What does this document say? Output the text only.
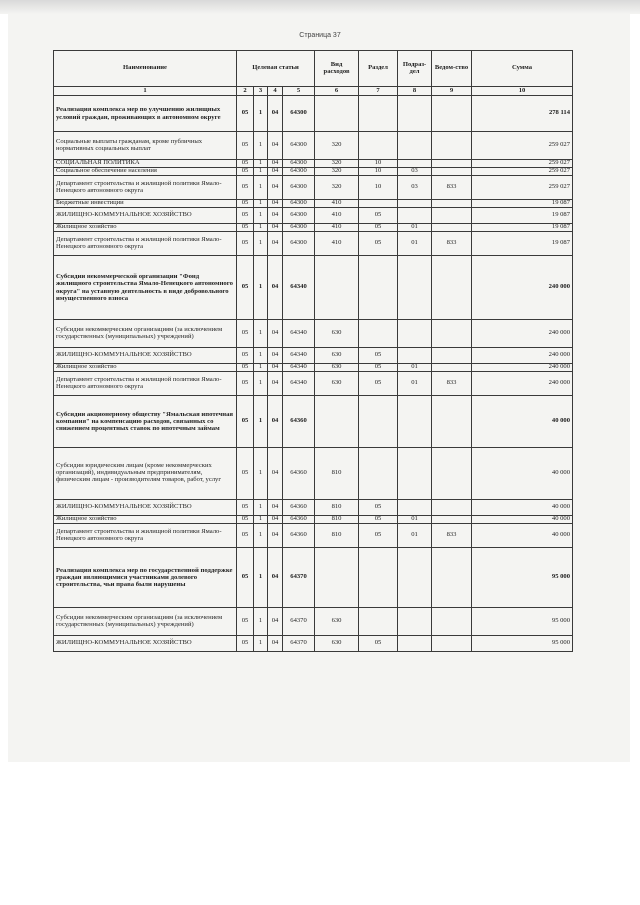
Страница 37
Наименование	Целевая статьи				Вид расходов	Раздел	Подраз-дел	Ведом-ство	Сумма
1	2	3	4	5	6	7	8	9	10
Реализация комплекса мер по улучшению жилищных условий граждан, проживающих в автономном округе	05	1	04	64300					278 114
Социальные выплаты гражданам, кроме публичных нормативных социальных выплат	05	1	04	64300	320				259 027
СОЦИАЛЬНАЯ ПОЛИТИКА	05	1	04	64300	320	10			259 027
Социальное обеспечение населения	05	1	04	64300	320	10	03		259 027
Департамент строительства и жилищной политики Ямало-Ненецкого автономного округа	05	1	04	64300	320	10	03	833	259 027
Бюджетные инвестиции	05	1	04	64300	410				19 087
ЖИЛИЩНО-КОММУНАЛЬНОЕ ХОЗЯЙСТВО	05	1	04	64300	410	05			19 087
Жилищное хозяйство	05	1	04	64300	410	05	01		19 087
Департамент строительства и жилищной политики Ямало-Ненецкого автономного округа	05	1	04	64300	410	05	01	833	19 087
Субсидии некоммерческой организации "Фонд жилищного строительства Ямало-Ненецкого автономного округа" на уставную деятельность в виде добровольного имущественного взноса	05	1	04	64340					240 000
Субсидии некоммерческим организациям (за исключением государственных (муниципальных) учреждений)	05	1	04	64340	630				240 000
ЖИЛИЩНО-КОММУНАЛЬНОЕ ХОЗЯЙСТВО	05	1	04	64340	630	05			240 000
Жилищное хозяйство	05	1	04	64340	630	05	01		240 000
Департамент строительства и жилищной политики Ямало-Ненецкого автономного округа	05	1	04	64340	630	05	01	833	240 000
Субсидии акционерному обществу "Ямальская ипотечная компания" на компенсацию расходов, связанных со снижением процентных ставок по ипотечным займам	05	1	04	64360					40 000
Субсидии юридическим лицам (кроме некоммерческих организаций), индивидуальным предпринимателям, физическим лицам - производителям товаров, работ, услуг	05	1	04	64360	810				40 000
ЖИЛИЩНО-КОММУНАЛЬНОЕ ХОЗЯЙСТВО	05	1	04	64360	810	05			40 000
Жилищное хозяйство	05	1	04	64360	810	05	01		40 000
Департамент строительства и жилищной политики Ямало-Ненецкого автономного округа	05	1	04	64360	810	05	01	833	40 000
Реализация комплекса мер по государственной поддержке граждан являющимися участниками долевого строительства, чьи права были нарушены	05	1	04	64370					95 000
Субсидии некоммерческим организациям (за исключением государственных (муниципальных) учреждений)	05	1	04	64370	630				95 000
ЖИЛИЩНО-КОММУНАЛЬНОЕ ХОЗЯЙСТВО	05	1	04	64370	630	05			95 000
